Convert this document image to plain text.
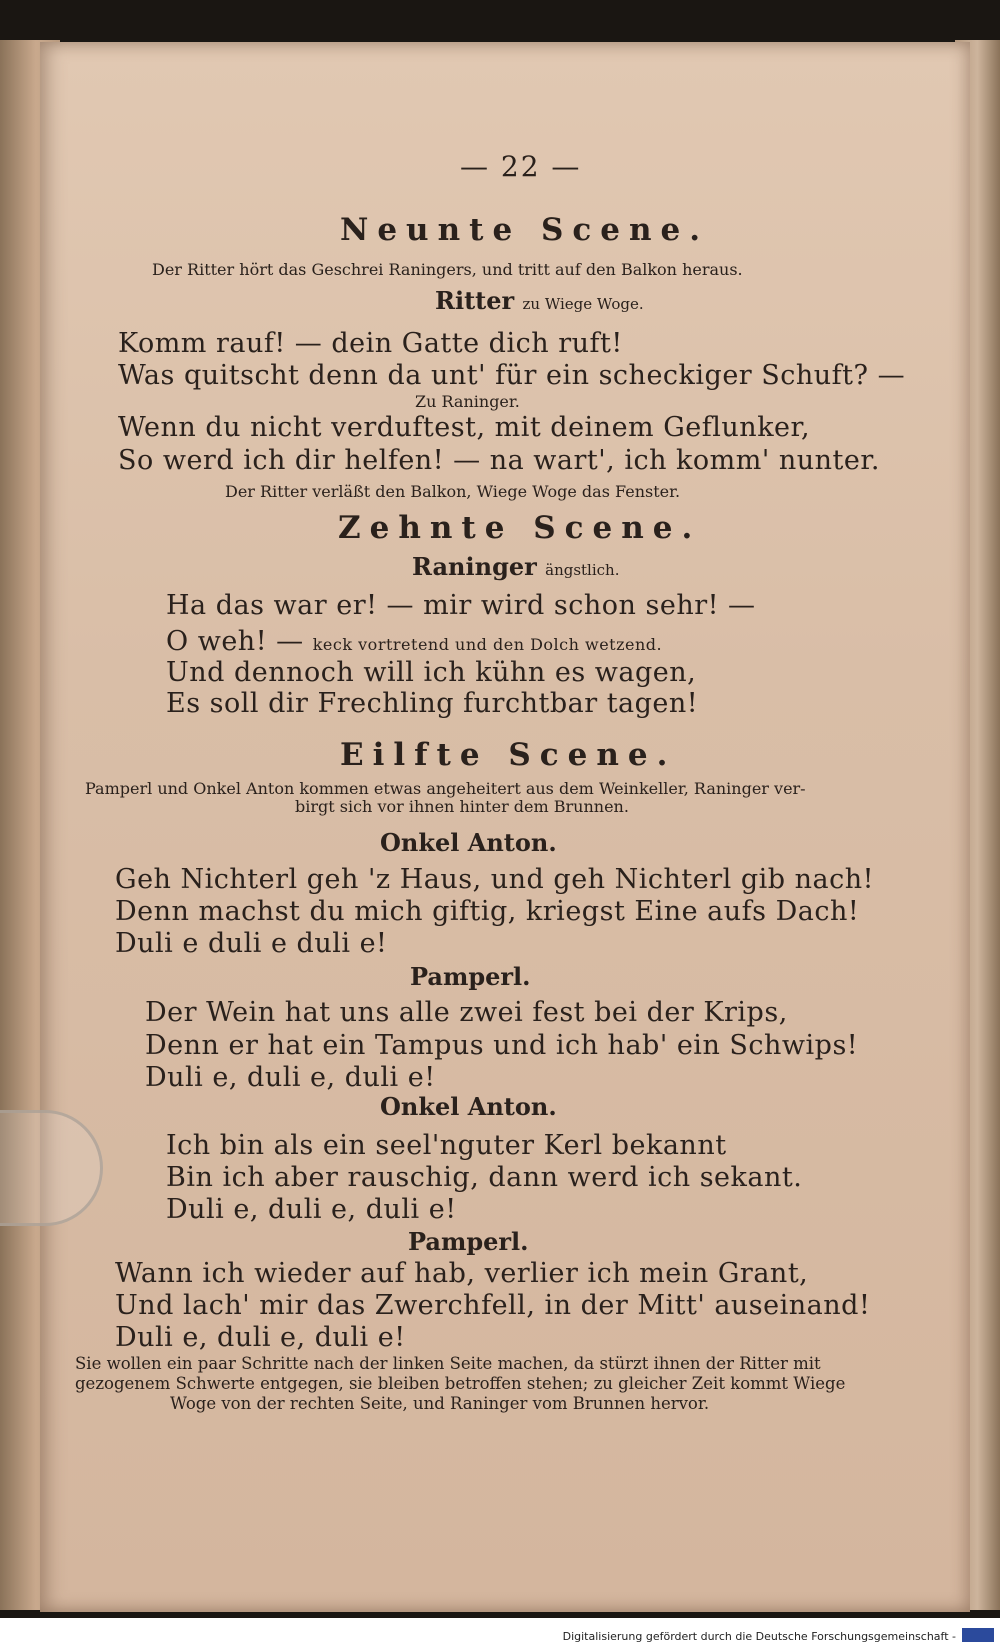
— 22 —
Neunte Scene.
Der Ritter hört das Geschrei Raningers, und tritt auf den Balkon heraus.
Ritter zu Wiege Woge.
Komm rauf! — dein Gatte dich ruft!
Was quitscht denn da unt' für ein scheckiger Schuft? —
Zu Raninger.
Wenn du nicht verduftest, mit deinem Geflunker,
So werd ich dir helfen! — na wart', ich komm' nunter.
Der Ritter verläßt den Balkon, Wiege Woge das Fenster.
Zehnte Scene.
Raninger ängstlich.
Ha das war er! — mir wird schon sehr! —
O weh! — keck vortretend und den Dolch wetzend.
Und dennoch will ich kühn es wagen,
Es soll dir Frechling furchtbar tagen!
Eilfte Scene.
Pamperl und Onkel Anton kommen etwas angeheitert aus dem Weinkeller, Raninger ver-
birgt sich vor ihnen hinter dem Brunnen.
Onkel Anton.
Geh Nichterl geh 'z Haus, und geh Nichterl gib nach!
Denn machst du mich giftig, kriegst Eine aufs Dach!
Duli e duli e duli e!
Pamperl.
Der Wein hat uns alle zwei fest bei der Krips,
Denn er hat ein Tampus und ich hab' ein Schwips!
Duli e, duli e, duli e!
Onkel Anton.
Ich bin als ein seel'nguter Kerl bekannt
Bin ich aber rauschig, dann werd ich sekant.
Duli e, duli e, duli e!
Pamperl.
Wann ich wieder auf hab, verlier ich mein Grant,
Und lach' mir das Zwerchfell, in der Mitt' auseinand!
Duli e, duli e, duli e!
Sie wollen ein paar Schritte nach der linken Seite machen, da stürzt ihnen der Ritter mit
gezogenem Schwerte entgegen, sie bleiben betroffen stehen; zu gleicher Zeit kommt Wiege
Woge von der rechten Seite, und Raninger vom Brunnen hervor.
Digitalisierung gefördert durch die Deutsche Forschungsgemeinschaft -
